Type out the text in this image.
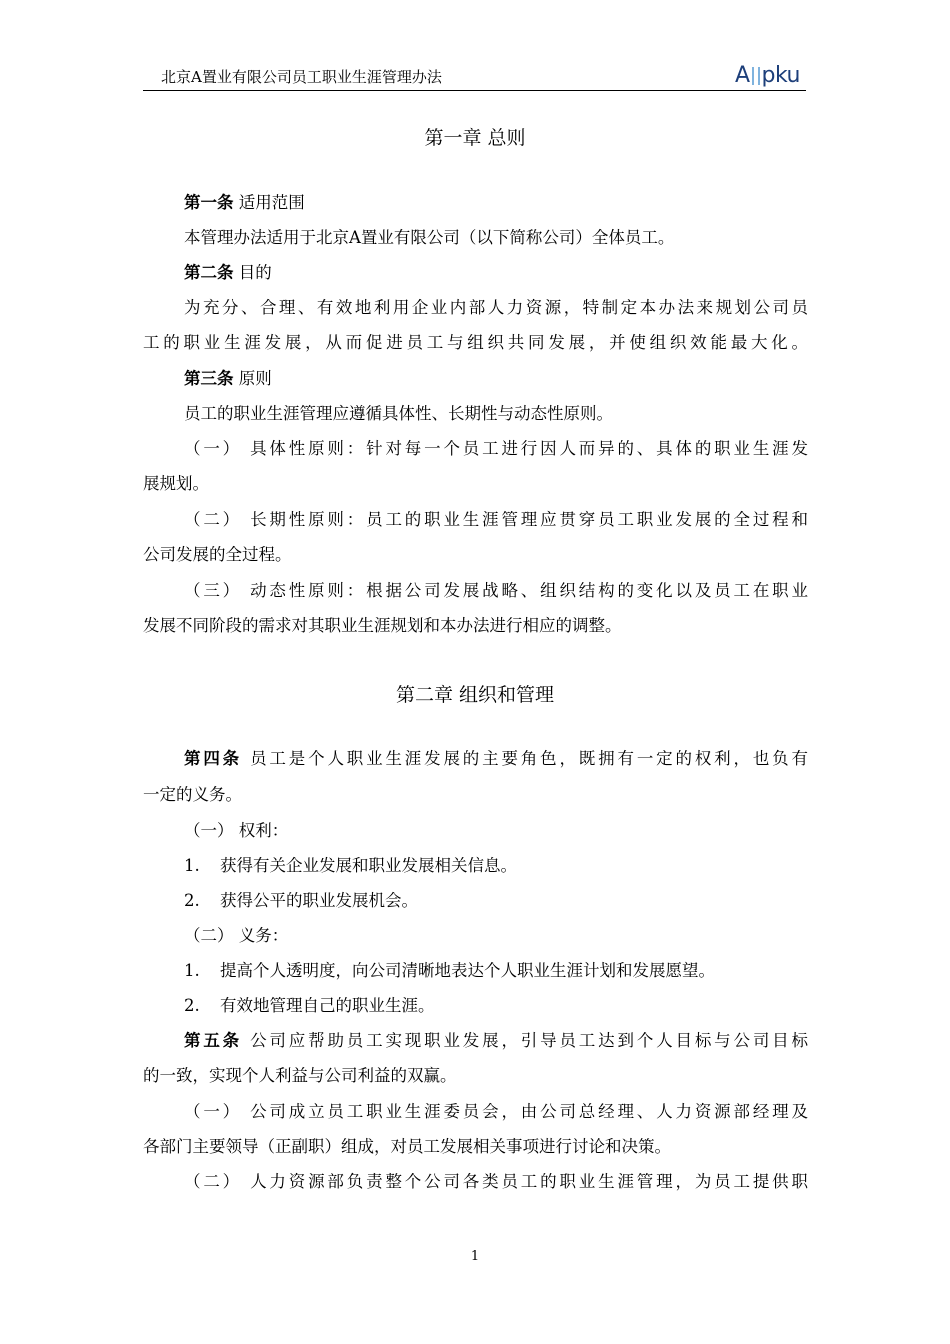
北京A置业有限公司员工职业生涯管理办法	A pku
第一章 总则
第一条 适用范围
本管理办法适用于北京A置业有限公司（以下简称公司）全体员工。
第二条 目的
为充分、合理、有效地利用企业内部人力资源，特制定本办法来规划公司员
工的职业生涯发展，从而促进员工与组织共同发展，并使组织效能最大化。
第三条 原则
员工的职业生涯管理应遵循具体性、长期性与动态性原则。
（一） 具体性原则：针对每一个员工进行因人而异的、具体的职业生涯发
展规划。
（二） 长期性原则：员工的职业生涯管理应贯穿员工职业发展的全过程和
公司发展的全过程。
（三） 动态性原则：根据公司发展战略、组织结构的变化以及员工在职业
发展不同阶段的需求对其职业生涯规划和本办法进行相应的调整。
第二章 组织和管理
第四条 员工是个人职业生涯发展的主要角色，既拥有一定的权利，也负有
一定的义务。
（一） 权利：
1. 获得有关企业发展和职业发展相关信息。
2. 获得公平的职业发展机会。
（二） 义务：
1. 提高个人透明度，向公司清晰地表达个人职业生涯计划和发展愿望。
2. 有效地管理自己的职业生涯。
第五条 公司应帮助员工实现职业发展，引导员工达到个人目标与公司目标
的一致，实现个人利益与公司利益的双赢。
（一） 公司成立员工职业生涯委员会，由公司总经理、人力资源部经理及
各部门主要领导（正副职）组成，对员工发展相关事项进行讨论和决策。
（二） 人力资源部负责整个公司各类员工的职业生涯管理，为员工提供职
1
